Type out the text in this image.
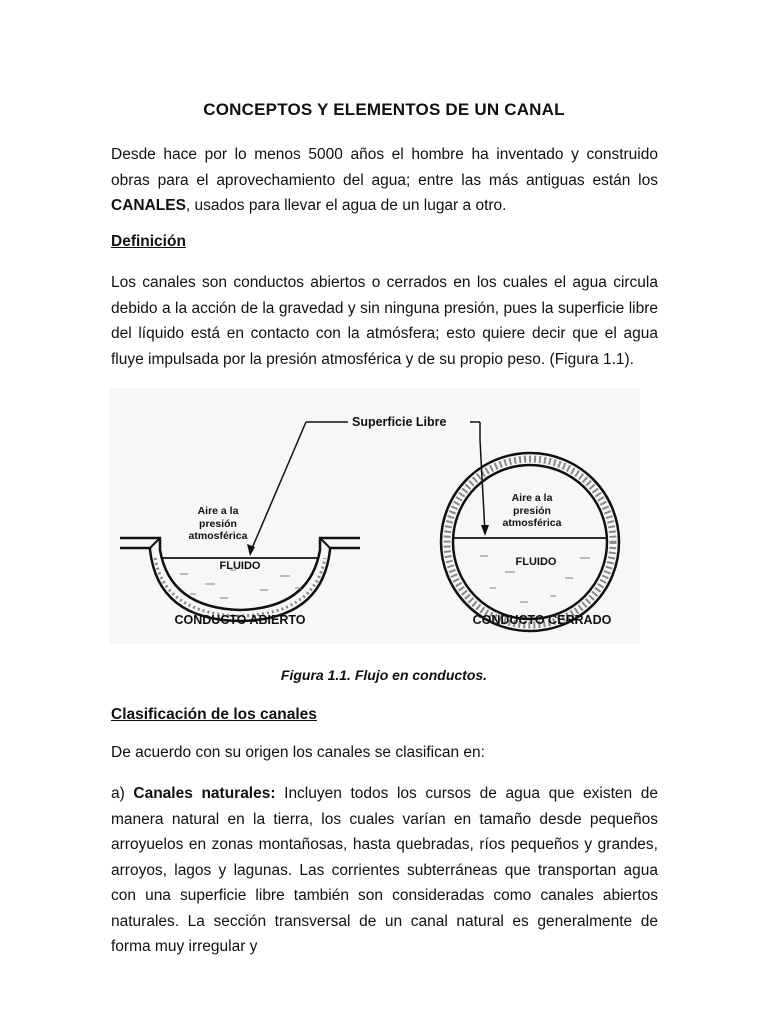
CONCEPTOS Y ELEMENTOS DE UN CANAL
Desde hace por lo menos 5000 años el hombre ha inventado y construido obras para el aprovechamiento del agua; entre las más antiguas están los CANALES, usados para llevar el agua de un lugar a otro.
Definición
Los canales son conductos abiertos o cerrados en los cuales el agua circula debido a la acción de la gravedad y sin ninguna presión, pues la superficie libre del líquido está en contacto con la atmósfera; esto quiere decir que el agua fluye impulsada por la presión atmosférica y de su propio peso. (Figura 1.1).
FLUIDO
Aire a la
presión
atmosférica
CONDUCTO ABIERTO
FLUIDO
Aire a la
presión
atmosférica
CONDUCTO CERRADO
Superficie Libre
Figura 1.1. Flujo en conductos.
Clasificación de los canales
De acuerdo con su origen los canales se clasifican en:
a) Canales naturales: Incluyen todos los cursos de agua que existen de manera natural en la tierra, los cuales varían en tamaño desde pequeños arroyuelos en zonas montañosas, hasta quebradas, ríos pequeños y grandes, arroyos, lagos y lagunas. Las corrientes subterráneas que transportan agua con una superficie libre también son consideradas como canales abiertos naturales. La sección transversal de un canal natural es generalmente de forma muy irregular y
